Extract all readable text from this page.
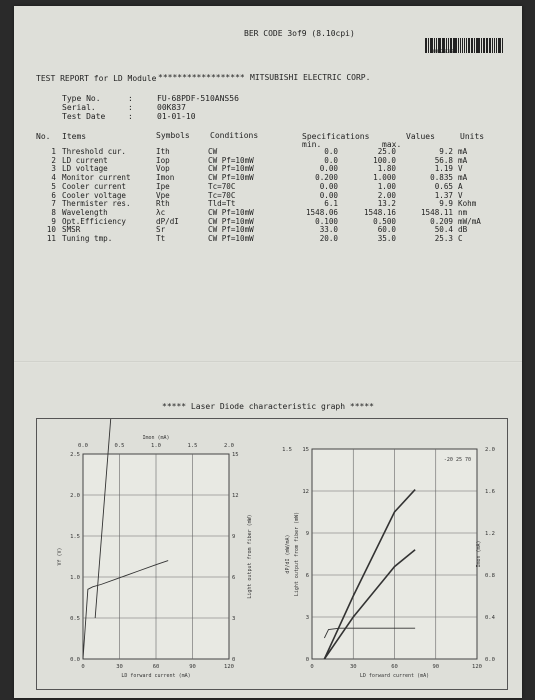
BER CODE 3of9 (8.10cpi)
00K837
TEST REPORT for LD Module ****************** MITSUBISHI ELECTRIC CORP.
Type No.	:	FU-68PDF-510ANS56
Serial.	:	00K837
Test Date	:	01-01-10
No. Items	Symbols	Conditions	Specifications
min.	max.
Values	Units
1	Threshold cur.	Ith	CW	0.0	25.0	9.2	mA
2	LD current	Iop	CW Pf=10mW	0.0	100.0	56.8	mA
3	LD voltage	Vop	CW Pf=10mW	0.00	1.80	1.19	V
4	Monitor current	Imon	CW Pf=10mW	0.200	1.000	0.835	mA
5	Cooler current	Ipe	Tc=70C	0.00	1.00	0.65	A
6	Cooler voltage	Vpe	Tc=70C	0.00	2.00	1.37	V
7	Thermister res.	Rth	Tld=Tt	6.1	13.2	9.9	Kohm
8	Wavelength	λc	CW Pf=10mW	1548.06	1548.16	1548.11	nm
9	Opt.Efficiency	dP/dI	CW Pf=10mW	0.100	0.500	0.209	mW/mA
10	SMSR	Sr	CW Pf=10mW	33.0	60.0	50.4	dB
11	Tuning tmp.	Tt	CW Pf=10mW	20.0	35.0	25.3	C
***** Laser Diode characteristic graph *****
0	30	60	90	120
LD forward current (mA)
0.0
0.5
1.0
1.5
2.0
2.5
0
3
6
9
12
15
0.0	0.5	1.0	1.5	2.0
Imon (mA)
Vf (V)	Light output from fiber (mW)
0	30	60	90	120
LD forward current (mA)
0
3
6
9
12
15
1.5
0.0
0.4
0.8
1.2
1.6
2.0
-20 25 70
Light output from fiber (mW)
dP/dI (mW/mA)	Imon (mA)
